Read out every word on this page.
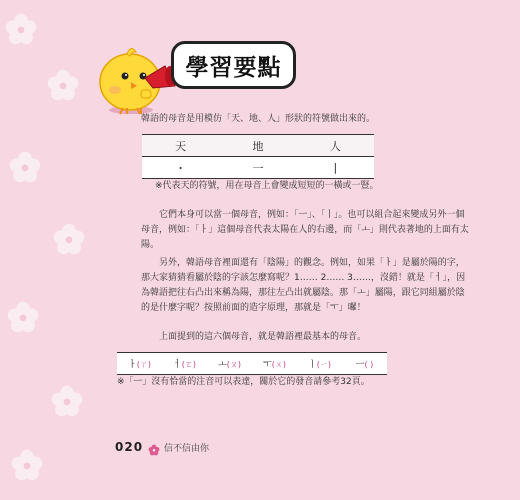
學習要點
韓語的母音是用模仿「天、地、人」形狀的符號做出來的。
天	地	人
・	一	|
※代表天的符號，用在母音上會變成短短的一橫或一豎。
它們本身可以當一個母音，例如：「ㅡ」、「ㅣ」。也可以組合起來變成另外一個母音，例如：「ㅏ」這個母音代表太陽在人的右邊，而「ㅗ」則代表著地的上面有太陽。
另外，韓語母音裡面還有「陰陽」的觀念。例如，如果「ㅏ」是屬於陽的字，那大家猜猜看屬於陰的字該怎麼寫呢？1…… 2…… 3……，沒錯！就是「ㅓ」，因為韓語把往右凸出來稱為陽，那往左凸出就屬陰。那「ㅗ」屬陽，跟它同組屬於陰的是什麼字呢？按照前面的造字原理，那就是「ㅜ」囉！
上面提到的這六個母音，就是韓語裡最基本的母音。
ㅏ(ㄚ)	ㅓ(ㄛ)	ㅗ(ㄡ)	ㅜ(ㄨ)	ㅣ(ㄧ)	ㅡ( )
※「ㅡ」沒有恰當的注音可以表達，關於它的發音請參考32頁。
020 信不信由你
